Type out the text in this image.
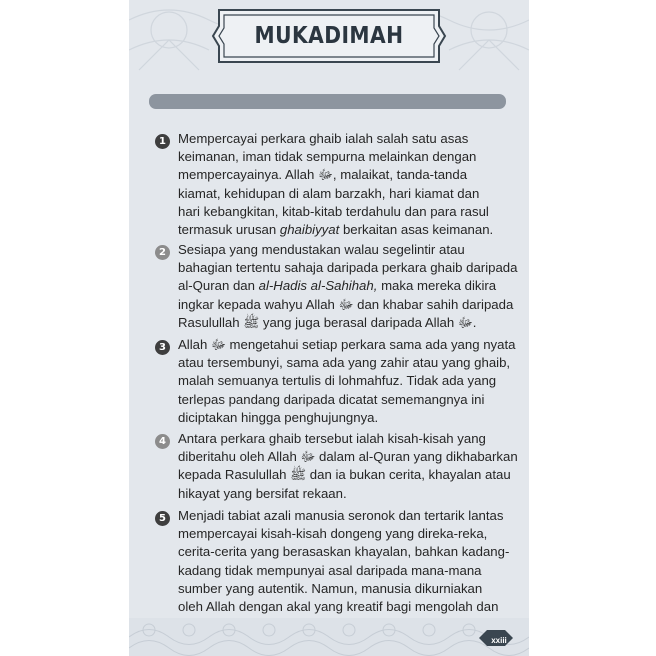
MUKADIMAH
1 Mempercayai perkara ghaib ialah salah satu asas
keimanan, iman tidak sempurna melainkan dengan
mempercayainya. Allah ﷻ, malaikat, tanda-tanda
kiamat, kehidupan di alam barzakh, hari kiamat dan
hari kebangkitan, kitab-kitab terdahulu dan para rasul
termasuk urusan ghaibiyyat berkaitan asas keimanan.

2 Sesiapa yang mendustakan walau segelintir atau
bahagian tertentu sahaja daripada perkara ghaib daripada
al-Quran dan al-Hadis al-Sahihah, maka mereka dikira
ingkar kepada wahyu Allah ﷻ dan khabar sahih daripada
Rasulullah ﷺ yang juga berasal daripada Allah ﷻ.

3 Allah ﷻ mengetahui setiap perkara sama ada yang nyata
atau tersembunyi, sama ada yang zahir atau yang ghaib,
malah semuanya tertulis di lohmahfuz. Tidak ada yang
terlepas pandang daripada dicatat sememangnya ini
diciptakan hingga penghujungnya.

4 Antara perkara ghaib tersebut ialah kisah-kisah yang
diberitahu oleh Allah ﷻ dalam al-Quran yang dikhabarkan
kepada Rasulullah ﷺ dan ia bukan cerita, khayalan atau
hikayat yang bersifat rekaan.

5 Menjadi tabiat azali manusia seronok dan tertarik lantas
mempercayai kisah-kisah dongeng yang direka-reka,
cerita-cerita yang berasaskan khayalan, bahkan kadang-
kadang tidak mempunyai asal daripada mana-mana
sumber yang autentik. Namun, manusia dikurniakan
oleh Allah dengan akal yang kreatif bagi mengolah dan

xxiii
